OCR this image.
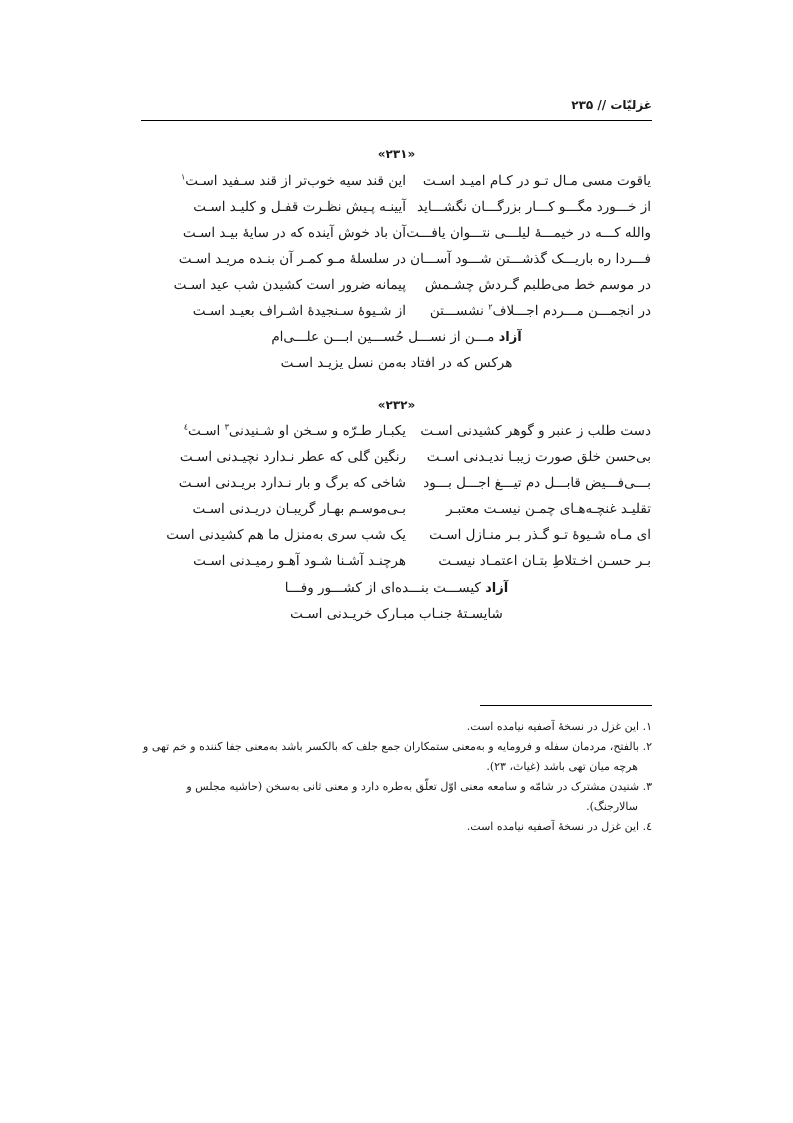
غزلیّات // ۲۳۵
«۲۳۱»
یاقوت مسی مـال تـو در کـام امیـد اسـت
این قند سیه خوب‌تر از قند سـفید اسـت$^۱$
از خـــورد مگـــو کـــار بزرگـــان نگشـــاید
آیینـه پـیش نظـرت قفـل و کلیـد اسـت
والله کـــه در خیمـــهٔ لیلـــی نتـــوان یافـــت
آن باد خوش آینده که در سایهٔ بیـد اسـت
فـــردا ره باریـــک گذشـــتن شـــود آســـان
در سلسلهٔ مـو کمـر آن بنـده مریـد اسـت
در موسم خط می‌طلبم گـردش چشـمش
پیمانه ضرور است کشیدن شب عید اسـت
در انجمـــن مـــردم اجـــلاف$^۲$ نشســـتن
از شـیوهٔ سـنجیدهٔ اشـراف بعیـد اسـت
آزاد مـــن از نســـل حُســـین ابـــن علـــی‌ام
هرکس که در افتاد به‌من نسل یزیـد اسـت
«۲۳۲»
دست طلب ز عنبر و گوهر کشیدنی اسـت
یکبـار طـرّه و سـخن او شـنیدنی$^۳$ اسـت$^٤$
بی‌حسن خلق صورت زیبـا ندیـدنی اسـت
رنگین گلی که عطر نـدارد نچیـدنی اسـت
بـــی‌فـــیض قابـــل دم تیـــغ اجـــل بـــود
شاخی که برگ و بار نـدارد بریـدنی اسـت
تقلیـد غنچـه‌هـای چمـن نیسـت معتبـر
بـی‌موسـم بهـار گریبـان دریـدنی اسـت
ای مـاه شـیوهٔ تـو گـذر بـر منـازل اسـت
یک شب سری به‌منزل ما هم کشیدنی است
بـر حسـن اخـتلاطِ بتـان اعتمـاد نیسـت
هرچنـد آشـنا شـود آهـو رمیـدنی اسـت
آزاد کیســـت بنـــده‌ای از کشـــور وفـــا
شایسـتهٔ جنـاب مبـارک خریـدنی اسـت
۱. این غزل در نسخهٔ آصفیه نیامده است.
۲. بالفتح، مردمان سفله و فرومایه و به‌معنی ستمکاران جمع جلف که بالکسر باشد به‌معنی جفا کننده و خم تهی و
هرچه میان تهی باشد (غیاث، ۲۳).
۳. شنیدن مشترک در شامّه و سامعه معنی اوّل تعلّق به‌طره دارد و معنی ثانی به‌سخن (حاشیه مجلس و
سالارجنگ).
٤. این غزل در نسخهٔ آصفیه نیامده است.
